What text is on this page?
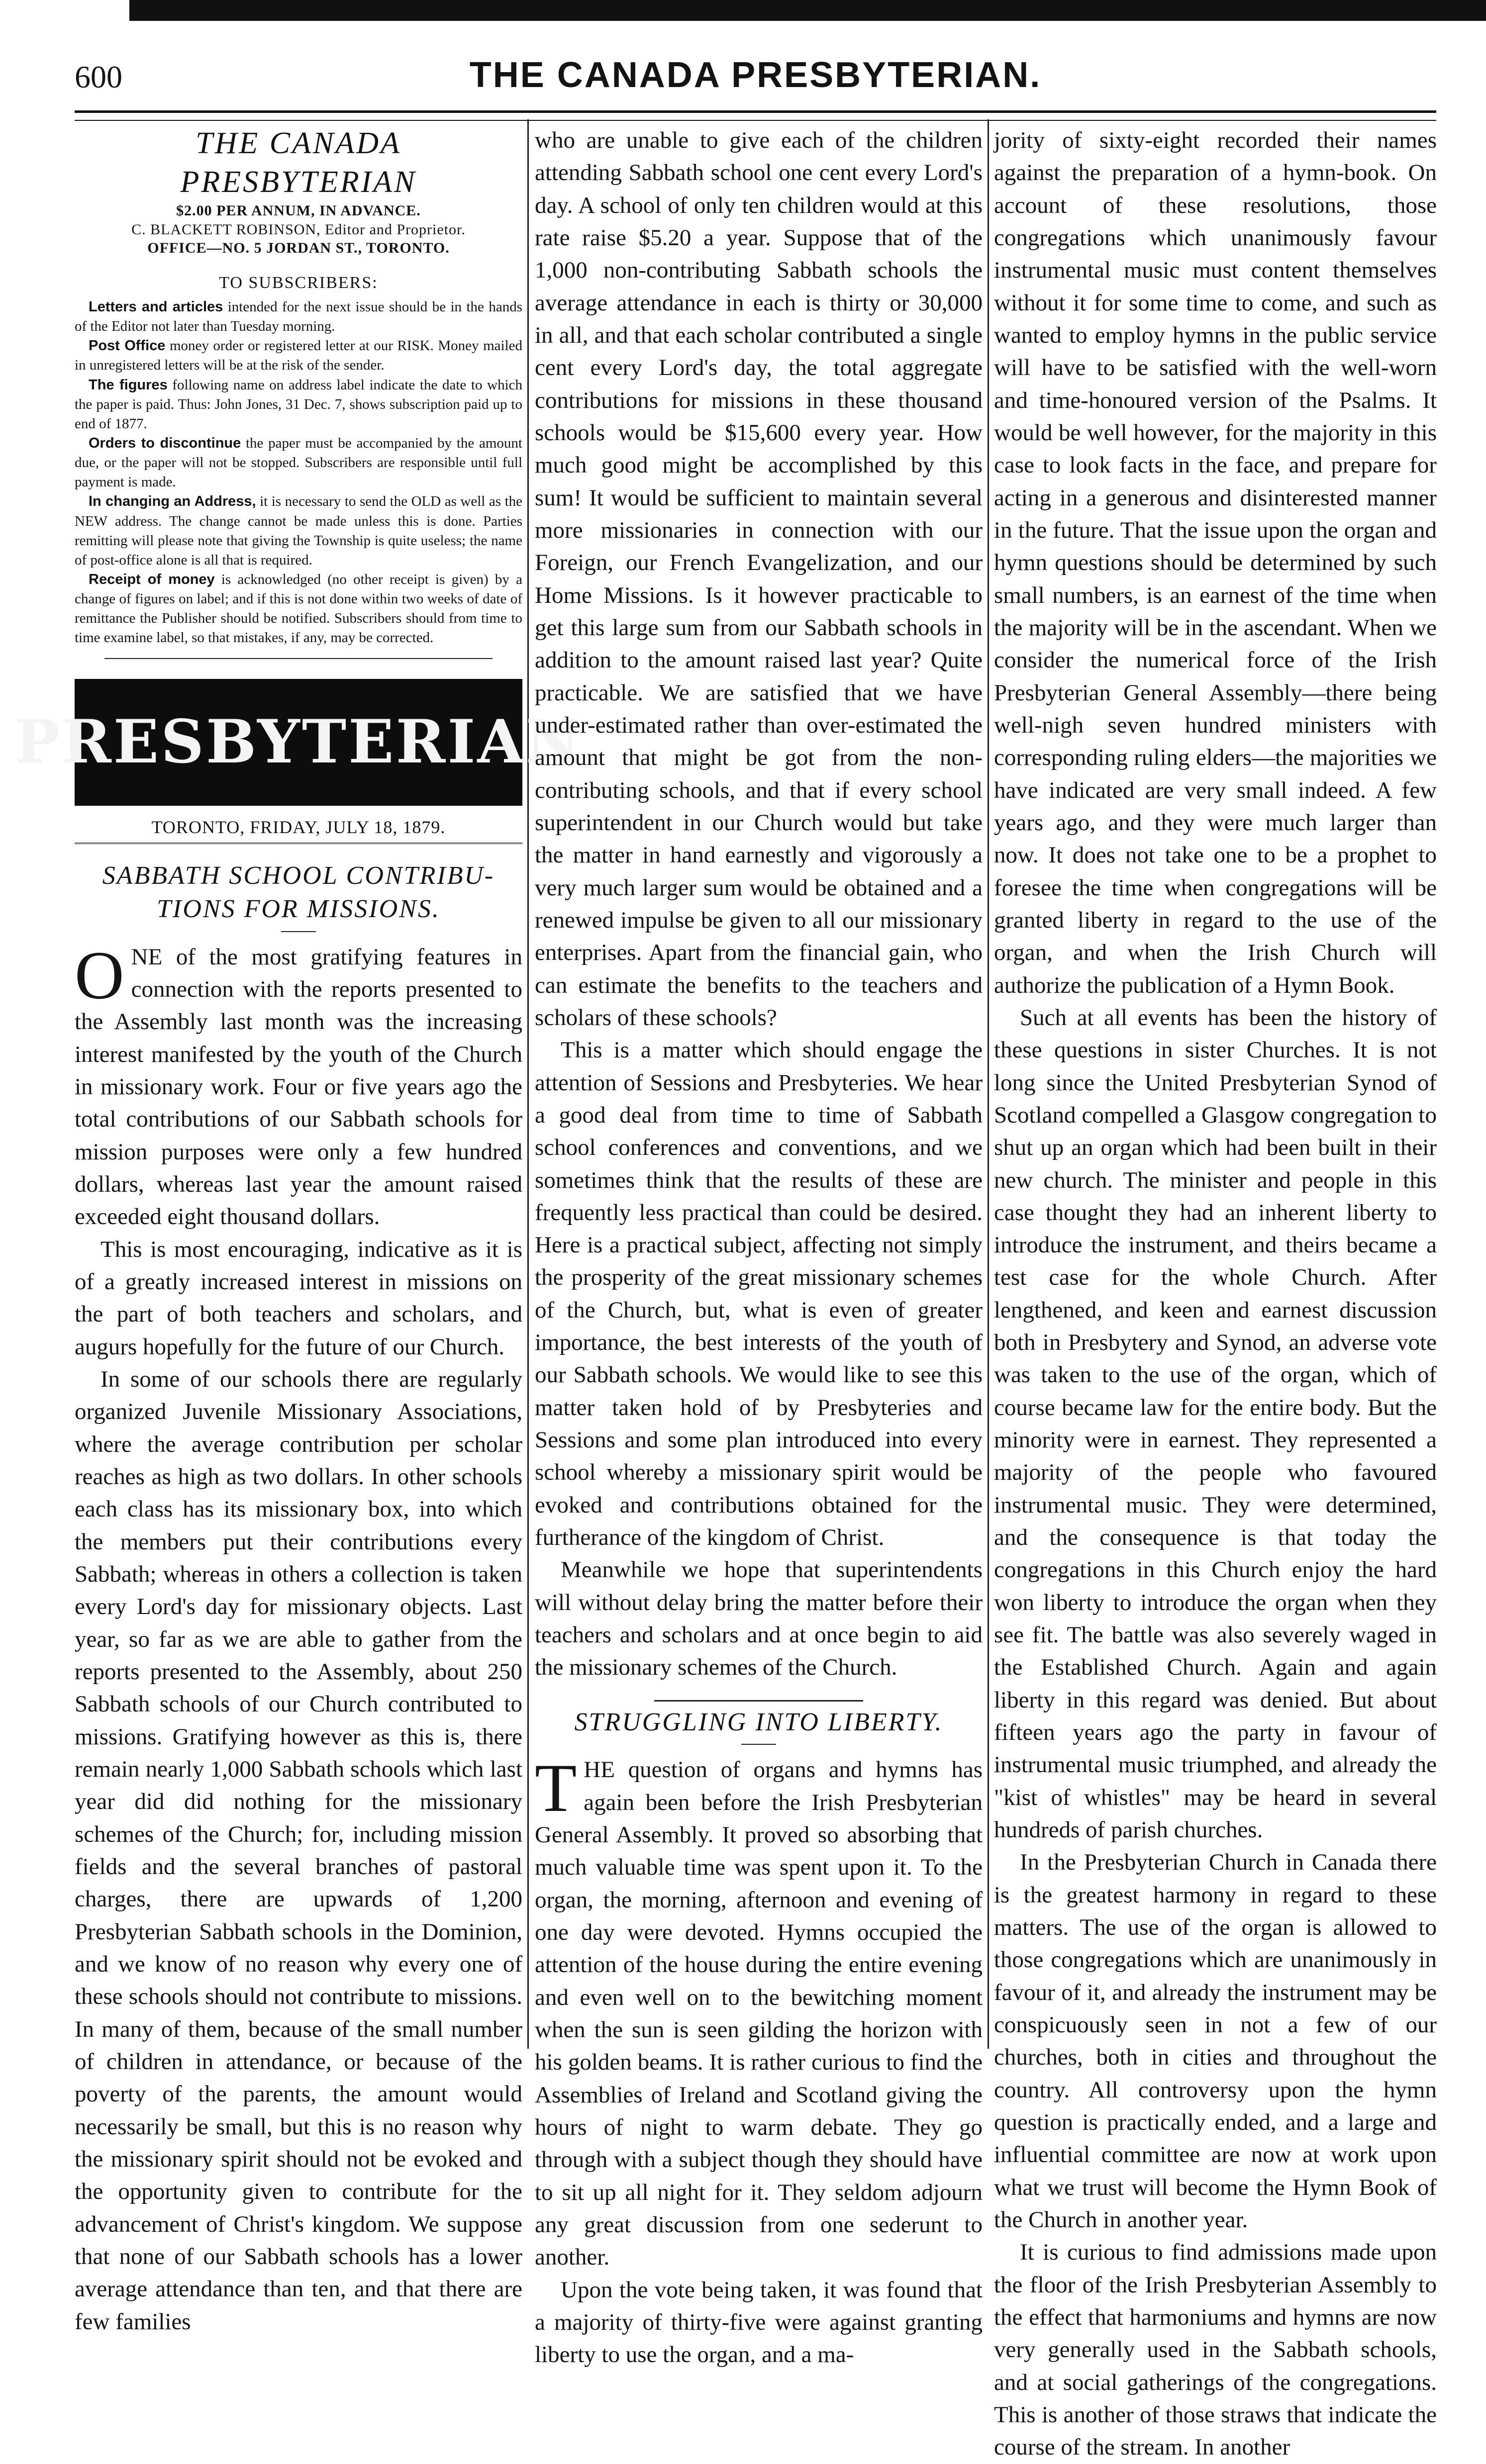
600	THE CANADA PRESBYTERIAN.
THE CANADA PRESBYTERIAN
$2.00 PER ANNUM, IN ADVANCE.
C. BLACKETT ROBINSON, Editor and Proprietor.
OFFICE—NO. 5 JORDAN ST., TORONTO.
TO SUBSCRIBERS:

Letters and articles intended for the next issue should be in the hands of the Editor not later than Tuesday morning.

Post Office money order or registered letter at our RISK. Money mailed in unregistered letters will be at the risk of the sender.

The figures following name on address label indicate the date to which the paper is paid. Thus: John Jones, 31 Dec. 7, shows subscription paid up to end of 1877.

Orders to discontinue the paper must be accompanied by the amount due, or the paper will not be stopped. Subscribers are responsible until full payment is made.

In changing an Address, it is necessary to send the OLD as well as the NEW address. The change cannot be made unless this is done. Parties remitting will please note that giving the Township is quite useless; the name of post-office alone is all that is required.

Receipt of money is acknowledged (no other receipt is given) by a change of figures on label; and if this is not done within two weeks of date of remittance the Publisher should be notified. Subscribers should from time to time examine label, so that mistakes, if any, may be corrected.

PRESBYTERIAN
TORONTO, FRIDAY, JULY 18, 1879.
SABBATH SCHOOL CONTRIBU-TIONS FOR MISSIONS.

ONE of the most gratifying features in connection with the reports presented to the Assembly last month was the increasing interest manifested by the youth of the Church in missionary work. Four or five years ago the total contributions of our Sabbath schools for mission purposes were only a few hundred dollars, whereas last year the amount raised exceeded eight thousand dollars.

This is most encouraging, indicative as it is of a greatly increased interest in missions on the part of both teachers and scholars, and augurs hopefully for the future of our Church.

In some of our schools there are regularly organized Juvenile Missionary Associations, where the average contribution per scholar reaches as high as two dollars. In other schools each class has its missionary box, into which the members put their contributions every Sabbath; whereas in others a collection is taken every Lord's day for missionary objects. Last year, so far as we are able to gather from the reports presented to the Assembly, about 250 Sabbath schools of our Church contributed to missions. Gratifying however as this is, there remain nearly 1,000 Sabbath schools which last year did did nothing for the missionary schemes of the Church; for, including mission fields and the several branches of pastoral charges, there are upwards of 1,200 Presbyterian Sabbath schools in the Dominion, and we know of no reason why every one of these schools should not contribute to missions. In many of them, because of the small number of children in attendance, or because of the poverty of the parents, the amount would necessarily be small, but this is no reason why the missionary spirit should not be evoked and the opportunity given to contribute for the advancement of Christ's kingdom. We suppose that none of our Sabbath schools has a lower average attendance than ten, and that there are few families

who are unable to give each of the children attending Sabbath school one cent every Lord's day. A school of only ten children would at this rate raise $5.20 a year. Suppose that of the 1,000 non-contributing Sabbath schools the average attendance in each is thirty or 30,000 in all, and that each scholar contributed a single cent every Lord's day, the total aggregate contributions for missions in these thousand schools would be $15,600 every year. How much good might be accomplished by this sum! It would be sufficient to maintain several more missionaries in connection with our Foreign, our French Evangelization, and our Home Missions. Is it however practicable to get this large sum from our Sabbath schools in addition to the amount raised last year? Quite practicable. We are satisfied that we have under-estimated rather than over-estimated the amount that might be got from the non-contributing schools, and that if every school superintendent in our Church would but take the matter in hand earnestly and vigorously a very much larger sum would be obtained and a renewed impulse be given to all our missionary enterprises. Apart from the financial gain, who can estimate the benefits to the teachers and scholars of these schools?

This is a matter which should engage the attention of Sessions and Presbyteries. We hear a good deal from time to time of Sabbath school conferences and conventions, and we sometimes think that the results of these are frequently less practical than could be desired. Here is a practical subject, affecting not simply the prosperity of the great missionary schemes of the Church, but, what is even of greater importance, the best interests of the youth of our Sabbath schools. We would like to see this matter taken hold of by Presbyteries and Sessions and some plan introduced into every school whereby a missionary spirit would be evoked and contributions obtained for the furtherance of the kingdom of Christ.

Meanwhile we hope that superintendents will without delay bring the matter before their teachers and scholars and at once begin to aid the missionary schemes of the Church.

STRUGGLING INTO LIBERTY.

THE question of organs and hymns has again been before the Irish Presbyterian General Assembly. It proved so absorbing that much valuable time was spent upon it. To the organ, the morning, afternoon and evening of one day were devoted. Hymns occupied the attention of the house during the entire evening and even well on to the bewitching moment when the sun is seen gilding the horizon with his golden beams. It is rather curious to find the Assemblies of Ireland and Scotland giving the hours of night to warm debate. They go through with a subject though they should have to sit up all night for it. They seldom adjourn any great discussion from one sederunt to another.

Upon the vote being taken, it was found that a majority of thirty-five were against granting liberty to use the organ, and a ma-

jority of sixty-eight recorded their names against the preparation of a hymn-book. On account of these resolutions, those congregations which unanimously favour instrumental music must content themselves without it for some time to come, and such as wanted to employ hymns in the public service will have to be satisfied with the well-worn and time-honoured version of the Psalms. It would be well however, for the majority in this case to look facts in the face, and prepare for acting in a generous and disinterested manner in the future. That the issue upon the organ and hymn questions should be determined by such small numbers, is an earnest of the time when the majority will be in the ascendant. When we consider the numerical force of the Irish Presbyterian General Assembly—there being well-nigh seven hundred ministers with corresponding ruling elders—the majorities we have indicated are very small indeed. A few years ago, and they were much larger than now. It does not take one to be a prophet to foresee the time when congregations will be granted liberty in regard to the use of the organ, and when the Irish Church will authorize the publication of a Hymn Book.

Such at all events has been the history of these questions in sister Churches. It is not long since the United Presbyterian Synod of Scotland compelled a Glasgow congregation to shut up an organ which had been built in their new church. The minister and people in this case thought they had an inherent liberty to introduce the instrument, and theirs became a test case for the whole Church. After lengthened, and keen and earnest discussion both in Presbytery and Synod, an adverse vote was taken to the use of the organ, which of course became law for the entire body. But the minority were in earnest. They represented a majority of the people who favoured instrumental music. They were determined, and the consequence is that today the congregations in this Church enjoy the hard won liberty to introduce the organ when they see fit. The battle was also severely waged in the Established Church. Again and again liberty in this regard was denied. But about fifteen years ago the party in favour of instrumental music triumphed, and already the "kist of whistles" may be heard in several hundreds of parish churches.

In the Presbyterian Church in Canada there is the greatest harmony in regard to these matters. The use of the organ is allowed to those congregations which are unanimously in favour of it, and already the instrument may be conspicuously seen in not a few of our churches, both in cities and throughout the country. All controversy upon the hymn question is practically ended, and a large and influential committee are now at work upon what we trust will become the Hymn Book of the Church in another year.

It is curious to find admissions made upon the floor of the Irish Presbyterian Assembly to the effect that harmoniums and hymns are now very generally used in the Sabbath schools, and at social gatherings of the congregations. This is another of those straws that indicate the course of the stream. In another
